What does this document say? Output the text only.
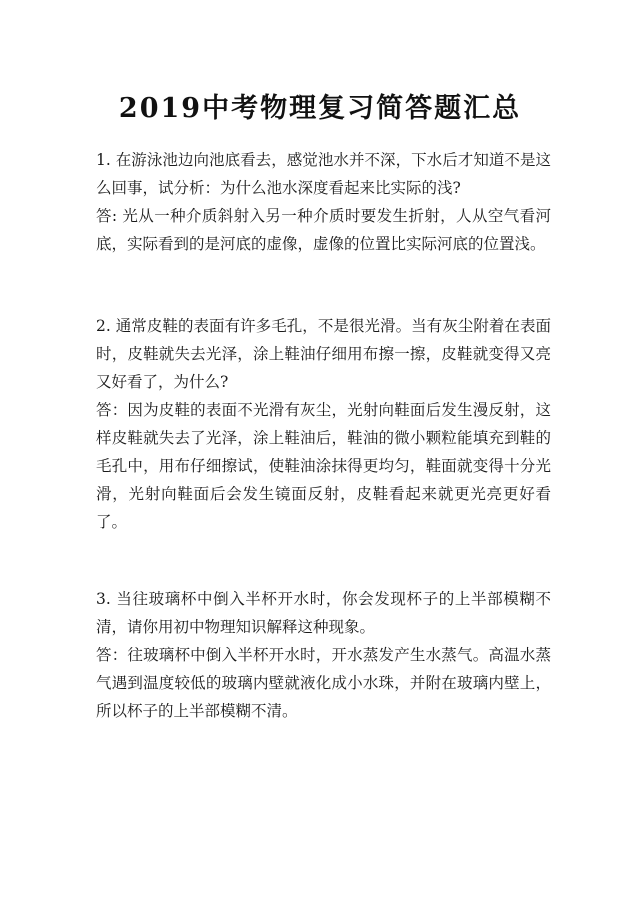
2019中考物理复习简答题汇总

1. 在游泳池边向池底看去，感觉池水并不深，下水后才知道不是这么回事，试分析：为什么池水深度看起来比实际的浅?

答: 光从一种介质斜射入另一种介质时要发生折射，人从空气看河底，实际看到的是河底的虚像，虚像的位置比实际河底的位置浅。

2. 通常皮鞋的表面有许多毛孔，不是很光滑。当有灰尘附着在表面时，皮鞋就失去光泽，涂上鞋油仔细用布擦一擦，皮鞋就变得又亮又好看了，为什么?

答：因为皮鞋的表面不光滑有灰尘，光射向鞋面后发生漫反射，这样皮鞋就失去了光泽，涂上鞋油后，鞋油的微小颗粒能填充到鞋的毛孔中，用布仔细擦试，使鞋油涂抹得更均匀，鞋面就变得十分光滑，光射向鞋面后会发生镜面反射，皮鞋看起来就更光亮更好看了。

3. 当往玻璃杯中倒入半杯开水时，你会发现杯子的上半部模糊不清，请你用初中物理知识解释这种现象。

答：往玻璃杯中倒入半杯开水时，开水蒸发产生水蒸气。高温水蒸气遇到温度较低的玻璃内壁就液化成小水珠，并附在玻璃内壁上，所以杯子的上半部模糊不清。
